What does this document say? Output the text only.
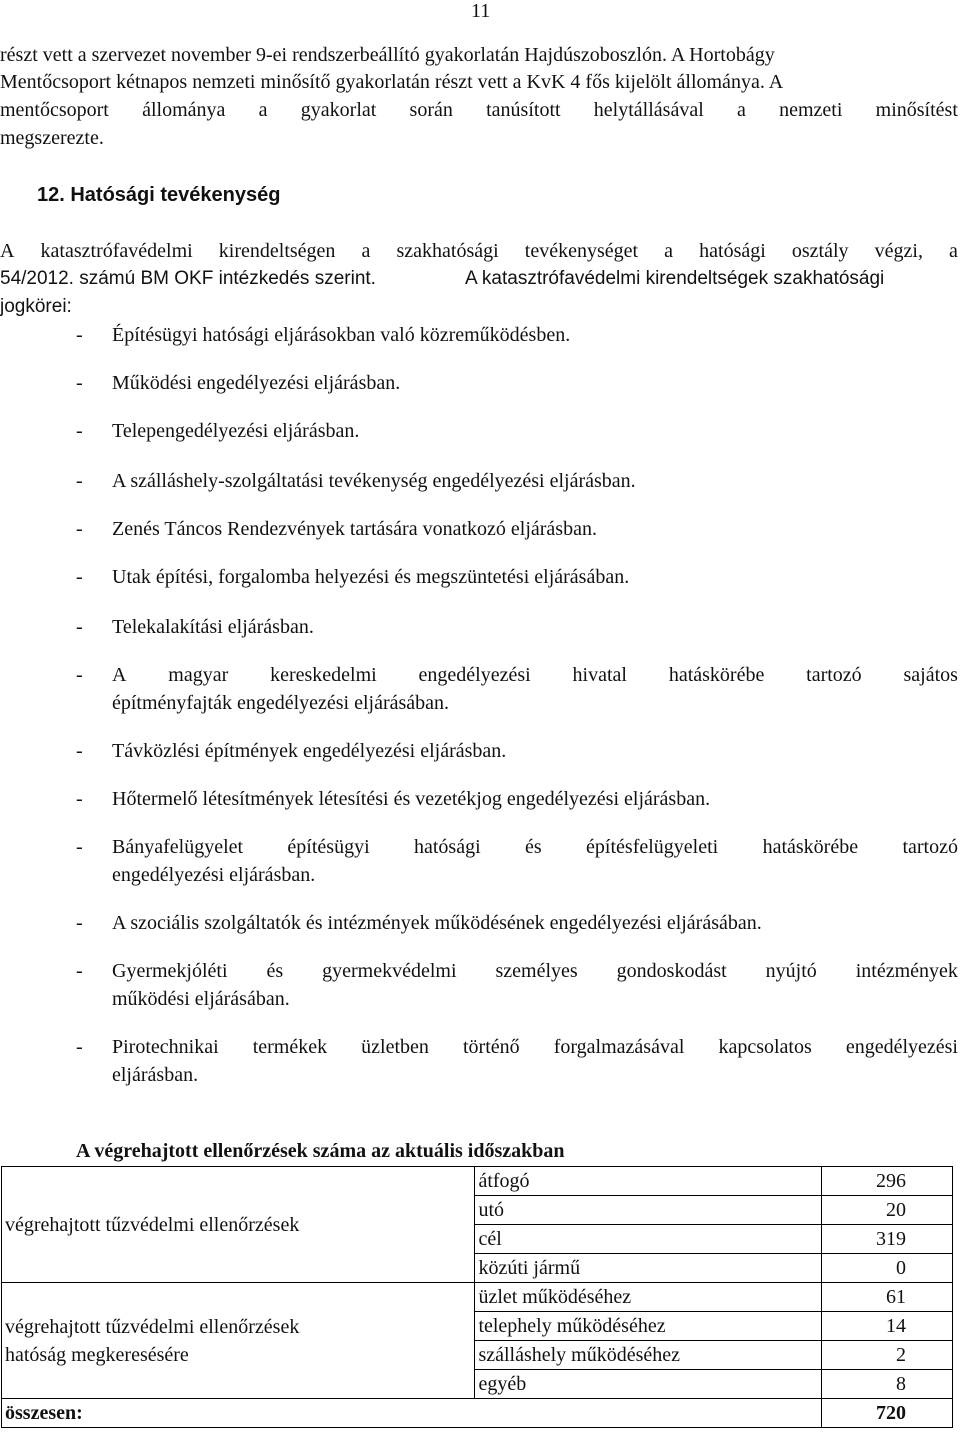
11
részt vett a szervezet november 9-ei rendszerbeállító gyakorlatán Hajdúszoboszlón. A Hortobágy
Mentőcsoport kétnapos nemzeti minősítő gyakorlatán részt vett a KvK 4 fős kijelölt állománya. A
mentőcsoport állománya a gyakorlat során tanúsított helytállásával a nemzeti minősítést
megszerezte.
12. Hatósági tevékenység
A katasztrófavédelmi kirendeltségen a szakhatósági tevékenységet a hatósági osztály végzi, a
54/2012. számú BM OKF intézkedés szerint.	A katasztrófavédelmi kirendeltségek szakhatósági
jogkörei:
- Építésügyi hatósági eljárásokban való közreműködésben.
- Működési engedélyezési eljárásban.
- Telepengedélyezési eljárásban.
- A szálláshely-szolgáltatási tevékenység engedélyezési eljárásban.
- Zenés Táncos Rendezvények tartására vonatkozó eljárásban.
- Utak építési, forgalomba helyezési és megszüntetési eljárásában.
- Telekalakítási eljárásban.
- A magyar kereskedelmi engedélyezési hivatal hatáskörébe tartozó sajátos
építményfajták engedélyezési eljárásában.
- Távközlési építmények engedélyezési eljárásban.
- Hőtermelő létesítmények létesítési és vezetékjog engedélyezési eljárásban.
- Bányafelügyelet építésügyi hatósági és építésfelügyeleti hatáskörébe tartozó
engedélyezési eljárásban.
- A szociális szolgáltatók és intézmények működésének engedélyezési eljárásában.
- Gyermekjóléti és gyermekvédelmi személyes gondoskodást nyújtó intézmények
működési eljárásában.
- Pirotechnikai termékek üzletben történő forgalmazásával kapcsolatos engedélyezési
eljárásban.
A végrehajtott ellenőrzések száma az aktuális időszakban
végrehajtott tűzvédelmi ellenőrzések	átfogó	296
	utó	20
	cél	319
	közúti jármű	0

végrehajtott tűzvédelmi ellenőrzések
hatóság megkeresésére	üzlet működéséhez	61
	telephely működéséhez	14
	szálláshely működéséhez	2
	egyéb	8
összesen:		720
